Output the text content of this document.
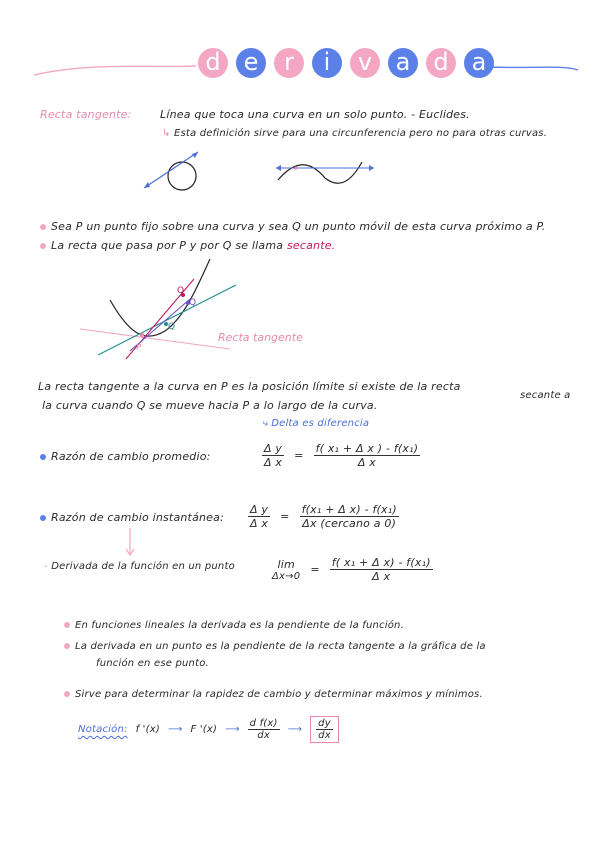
d e	r	i	v a d a
Recta tangente:	Línea que toca una curva en un solo punto. - Euclides.
↳ Esta definición sirve para una circunferencia pero no para otras curvas.
Sea P un punto fijo sobre una curva y sea Q un punto móvil de esta curva próximo a P.
La recta que pasa por P y por Q se llama secante.
P
Q
Q
Q
Recta tangente
La recta tangente a la curva en P es la posición límite si existe de la recta
secante a
la curva cuando Q se mueve hacia P a lo largo de la curva.
⤷ Delta es diferencia
Razón de cambio promedio:	$\frac{\text{Δ y}}{\text{Δ x}} = \frac{\text{f( x₁ + Δ x ) - f(x₁)}}{\text{Δ x}}$
Razón de cambio instantánea: $\frac{\text{Δ y}}{\text{Δ x}} = \frac{\text{f(x₁ + Δ x) - f(x₁)}}{\text{Δx (cercano a 0)}}$
- Derivada de la función en un punto	lim
$\Delta x\to 0 = \frac{\text{f( x₁ + Δ x) - f(x₁)}}{\text{Δ x}}$
En funciones lineales la derivada es la pendiente de la función.
La derivada en un punto es la pendiente de la recta tangente a la gráfica de la
función en ese punto.
Sirve para determinar la rapidez de cambio y determinar máximos y mínimos.
Notación: f '(x) ⟶ F '(x) ⟶ $\frac{\text{d f(x)}}{dx}$ ⟶ $\frac{dy}{dx}$
